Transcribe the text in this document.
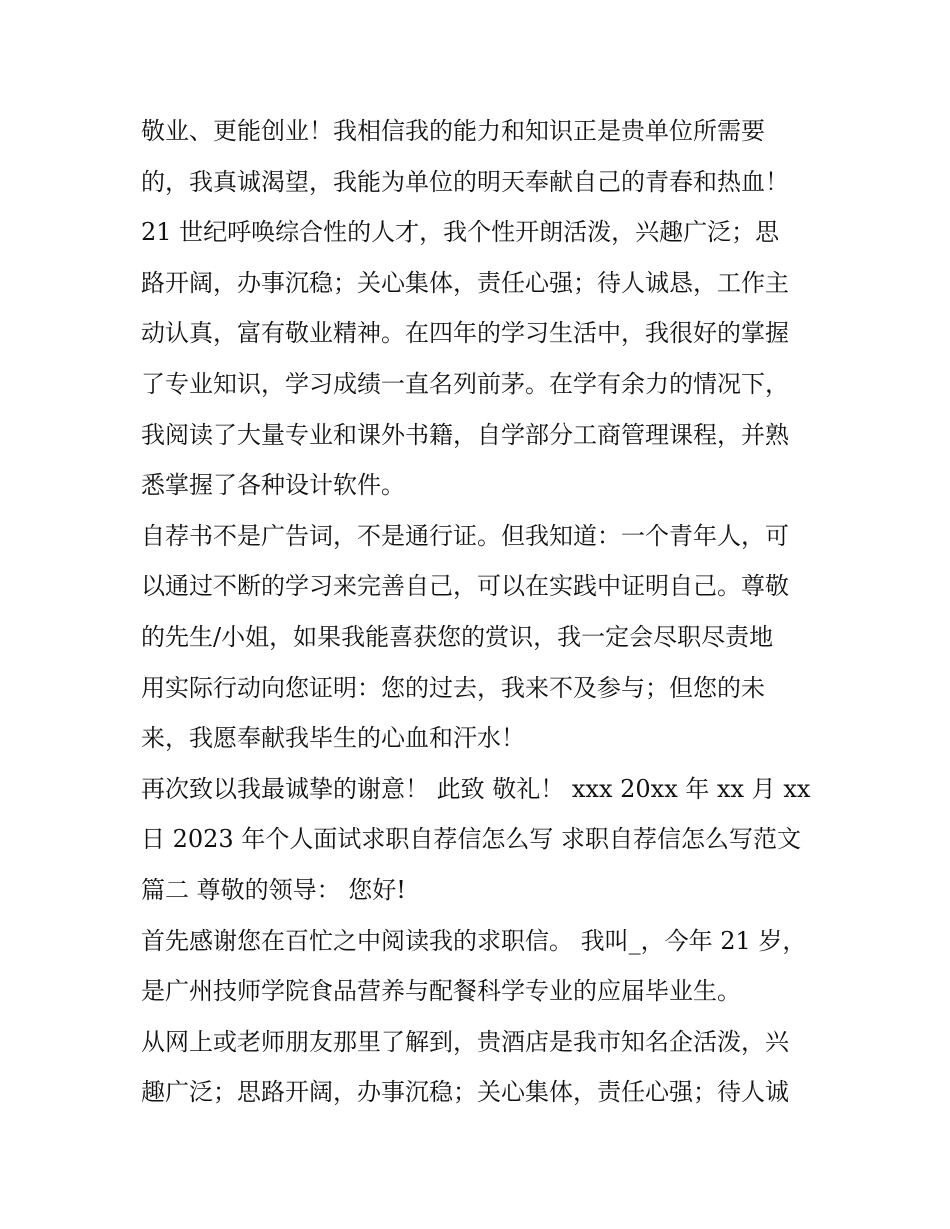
敬业、更能创业！我相信我的能力和知识正是贵单位所需要
的，我真诚渴望，我能为单位的明天奉献自己的青春和热血！
21 世纪呼唤综合性的人才，我个性开朗活泼，兴趣广泛；思
路开阔，办事沉稳；关心集体，责任心强；待人诚恳，工作主
动认真，富有敬业精神。在四年的学习生活中，我很好的掌握
了专业知识，学习成绩一直名列前茅。在学有余力的情况下，
我阅读了大量专业和课外书籍，自学部分工商管理课程，并熟
悉掌握了各种设计软件。
自荐书不是广告词，不是通行证。但我知道：一个青年人，可
以通过不断的学习来完善自己，可以在实践中证明自己。尊敬
的先生/小姐，如果我能喜获您的赏识，我一定会尽职尽责地
用实际行动向您证明：您的过去，我来不及参与；但您的未
来，我愿奉献我毕生的心血和汗水！
再次致以我最诚挚的谢意！ 此致 敬礼！ xxx 20xx 年 xx 月 xx
日 2023 年个人面试求职自荐信怎么写 求职自荐信怎么写范文
篇二 尊敬的领导： 您好!
首先感谢您在百忙之中阅读我的求职信。 我叫_，今年 21 岁，
是广州技师学院食品营养与配餐科学专业的应届毕业生。
从网上或老师朋友那里了解到，贵酒店是我市知名企活泼，兴
趣广泛；思路开阔，办事沉稳；关心集体，责任心强；待人诚
